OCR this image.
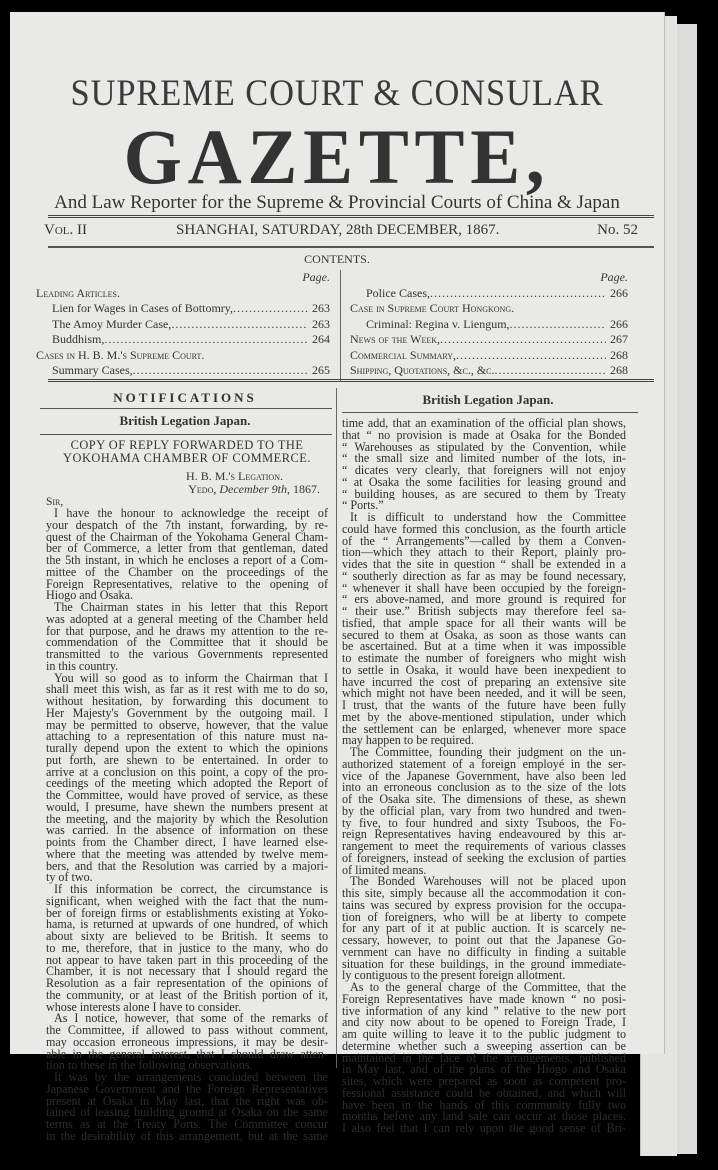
SUPREME COURT & CONSULAR
GAZETTE,
And Law Reporter for the Supreme & Provincial Courts of China & Japan
Vol. II	SHANGHAI, SATURDAY, 28th DECEMBER, 1867.	No. 52
CONTENTS.
Page.
Leading Articles.
Lien for Wages in Cases of Bottomry, .....	263
The Amoy Murder Case, .....	263
Buddhism, .....	264
Cases in H. B. M.'s Supreme Court.
Summary Cases, .....	265
Page.
Police Cases, .....	266
Case in Supreme Court Hongkong.
Criminal: Regina v. Liengum, .....	266
News of the Week, .....	267
Commercial Summary, .....	268
Shipping, Quotations, &c., &c. .....	268
NOTIFICATIONS
British Legation Japan.
British Legation Japan.
COPY OF REPLY FORWARDED TO THE
YOKOHAMA CHAMBER OF COMMERCE.
H. B. M.'s Legation.
Yedo, December 9th, 1867.
Sir,
I have the honour to acknowledge the receipt of
your despatch of the 7th instant, forwarding, by re-
quest of the Chairman of the Yokohama General Cham-
ber of Commerce, a letter from that gentleman, dated
the 5th instant, in which he encloses a report of a Com-
mittee of the Chamber on the proceedings of the
Foreign Representatives, relative to the opening of
Hiogo and Osaka.
The Chairman states in his letter that this Report
was adopted at a general meeting of the Chamber held
for that purpose, and he draws my attention to the re-
commendation of the Committee that it should be
transmitted to the various Governments represented
in this country.
You will so good as to inform the Chairman that I
shall meet this wish, as far as it rest with me to do so,
without hesitation, by forwarding this document to
Her Majesty's Government by the outgoing mail. I
may be permitted to observe, however, that the value
attaching to a representation of this nature must na-
turally depend upon the extent to which the opinions
put forth, are shewn to be entertained. In order to
arrive at a conclusion on this point, a copy of the pro-
ceedings of the meeting which adopted the Report of
the Committee, would have proved of service, as these
would, I presume, have shewn the numbers present at
the meeting, and the majority by which the Resolution
was carried. In the absence of information on these
points from the Chamber direct, I have learned else-
where that the meeting was attended by twelve mem-
bers, and that the Resolution was carried by a majori-
ty of two.
If this information be correct, the circumstance is
significant, when weighed with the fact that the num-
ber of foreign firms or establishments existing at Yoko-
hama, is returned at upwards of one hundred, of which
about sixty are believed to be British. It seems to
to me, therefore, that in justice to the many, who do
not appear to have taken part in this proceeding of the
Chamber, it is not necessary that I should regard the
Resolution as a fair representation of the opinions of
the community, or at least of the British portion of it,
whose interests alone I have to consider.
As I notice, however, that some of the remarks of
the Committee, if allowed to pass without comment,
may occasion erroneous impressions, it may be desir-
able in the general interest, that I should draw atten-
tion to these in the following observations.
It was by the arrangements concluded between the
Japanese Government and the Foreign Representatives
present at Osaka in May last, that the right was ob-
tained of leasing building ground at Osaka on the same
terms as at the Treaty Ports. The Committee concur
in the desirability of this arrangement, but at the same
time add, that an examination of the official plan shows,
that “ no provision is made at Osaka for the Bonded
“ Warehouses as stipulated by the Convention, while
“ the small size and limited number of the lots, in-
“ dicates very clearly, that foreigners will not enjoy
“ at Osaka the some facilities for leasing ground and
“ building houses, as are secured to them by Treaty
“ Ports.”
It is difficult to understand how the Committee
could have formed this conclusion, as the fourth article
of the “ Arrangements”—called by them a Conven-
tion—which they attach to their Report, plainly pro-
vides that the site in question “ shall be extended in a
“ southerly direction as far as may be found necessary,
“ whenever it shall have been occupied by the foreign-
“ ers above-named, and more ground is required for
“ their use.” British subjects may therefore feel sa-
tisfied, that ample space for all their wants will be
secured to them at Osaka, as soon as those wants can
be ascertained. But at a time when it was impossible
to estimate the number of foreigners who might wish
to settle in Osaka, it would have been inexpedient to
have incurred the cost of preparing an extensive site
which might not have been needed, and it will be seen,
I trust, that the wants of the future have been fully
met by the above-mentioned stipulation, under which
the settlement can be enlarged, whenever more space
may happen to be required.
The Committee, founding their judgment on the un-
authorized statement of a foreign employé in the ser-
vice of the Japanese Government, have also been led
into an erroneous conclusion as to the size of the lots
of the Osaka site. The dimensions of these, as shewn
by the official plan, vary from two hundred and twen-
ty five, to four hundred and sixty Tsuboos, the Fo-
reign Representatives having endeavoured by this ar-
rangement to meet the requirements of various classes
of foreigners, instead of seeking the exclusion of parties
of limited means.
The Bonded Warehouses will not be placed upon
this site, simply because all the accommodation it con-
tains was secured by express provision for the occupa-
tion of foreigners, who will be at liberty to compete
for any part of it at public auction. It is scarcely ne-
cessary, however, to point out that the Japanese Go-
vernment can have no difficulty in finding a suitable
situation for these buildings, in the ground immediate-
ly contiguous to the present foreign allotment.
As to the general charge of the Committee, that the
Foreign Representatives have made known “ no posi-
tive information of any kind ” relative to the new port
and city now about to be opened to Foreign Trade, I
am quite willing to leave it to the public judgment to
determine whether such a sweeping assertion can be
maintained in the face of the arrangements, published
in May last, and of the plans of the Hiogo and Osaka
sites, which were prepared as soon as competent pro-
fessional assistance could be obtained, and which will
have been in the hands of this community fully two
months before any land sale can occur at those places.
I also feel that I can rely upon the good sense of Bri-
